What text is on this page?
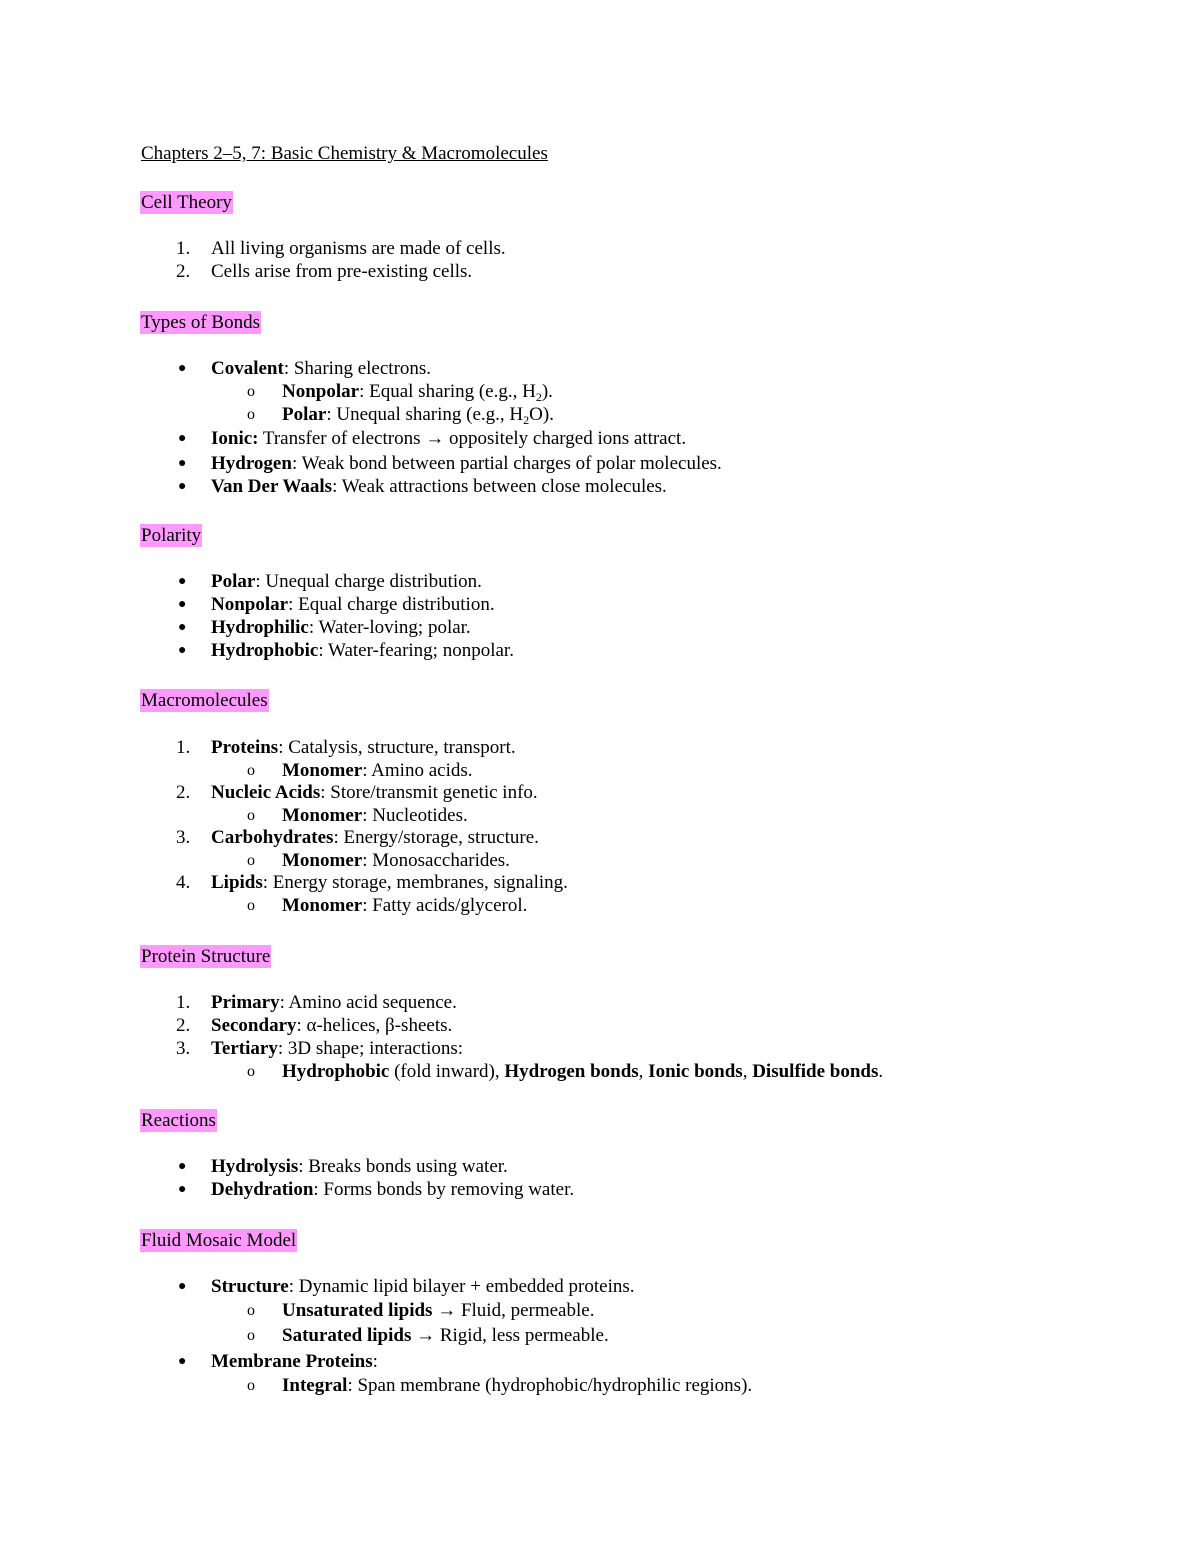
Chapters 2–5, 7: Basic Chemistry & Macromolecules
Cell Theory
1.	All living organisms are made of cells.
2.	Cells arise from pre-existing cells.
Types of Bonds
●	Covalent: Sharing electrons.
o	Nonpolar: Equal sharing (e.g., $H_2$).
o	Polar: Unequal sharing (e.g., $H_2O$).
●	Ionic: Transfer of electrons → oppositely charged ions attract.
●	Hydrogen: Weak bond between partial charges of polar molecules.
●	Van Der Waals: Weak attractions between close molecules.
Polarity
●	Polar: Unequal charge distribution.
●	Nonpolar: Equal charge distribution.
●	Hydrophilic: Water-loving; polar.
●	Hydrophobic: Water-fearing; nonpolar.
Macromolecules
1.	Proteins: Catalysis, structure, transport.
o	Monomer: Amino acids.
2.	Nucleic Acids: Store/transmit genetic info.
o	Monomer: Nucleotides.
3.	Carbohydrates: Energy/storage, structure.
o	Monomer: Monosaccharides.
4.	Lipids: Energy storage, membranes, signaling.
o	Monomer: Fatty acids/glycerol.
Protein Structure
1.	Primary: Amino acid sequence.
2.	Secondary: α-helices, β-sheets.
3.	Tertiary: 3D shape; interactions:
o	Hydrophobic (fold inward), Hydrogen bonds, Ionic bonds, Disulfide bonds.
Reactions
●	Hydrolysis: Breaks bonds using water.
●	Dehydration: Forms bonds by removing water.
Fluid Mosaic Model
●	Structure: Dynamic lipid bilayer + embedded proteins.
o	Unsaturated lipids → Fluid, permeable.
o	Saturated lipids → Rigid, less permeable.
●	Membrane Proteins:
o	Integral: Span membrane (hydrophobic/hydrophilic regions).
